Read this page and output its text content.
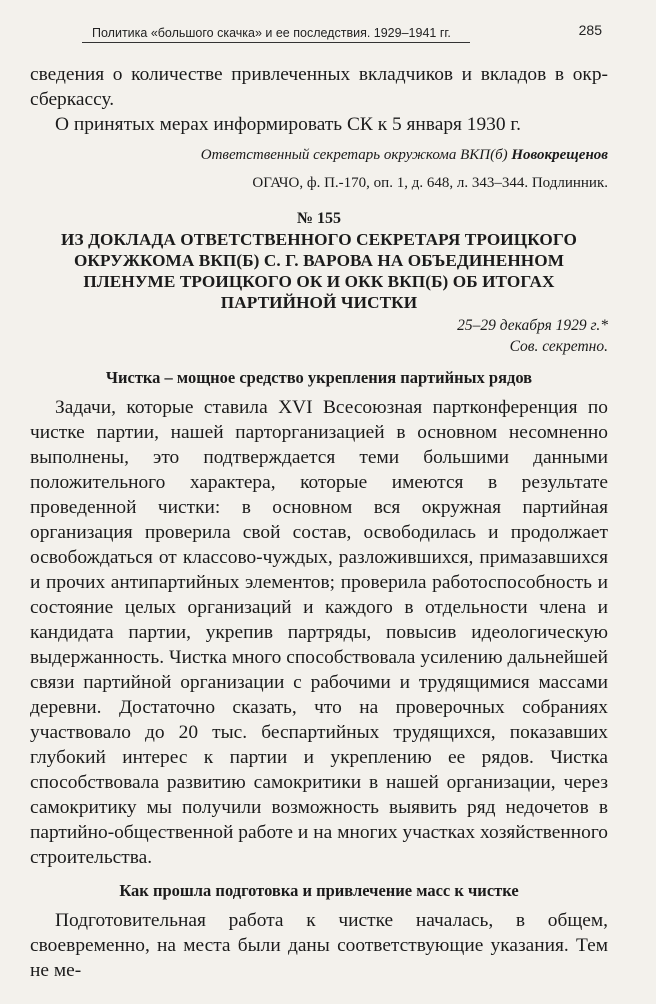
Политика «большого скачка» и ее последствия. 1929–1941 гг.	285

сведения о количестве привлеченных вкладчиков и вкладов в окр-сберкассу.

О принятых мерах информировать СК к 5 января 1930 г.

Ответственный секретарь окружкома ВКП(б) Новокрещенов
ОГАЧО, ф. П.-170, оп. 1, д. 648, л. 343–344. Подлинник.
№ 155
ИЗ ДОКЛАДА ОТВЕТСТВЕННОГО СЕКРЕТАРЯ ТРОИЦКОГО ОКРУЖКОМА ВКП(Б) С. Г. ВАРОВА НА ОБЪЕДИНЕННОМ ПЛЕНУМЕ ТРОИЦКОГО ОК И ОКК ВКП(Б) ОБ ИТОГАХ ПАРТИЙНОЙ ЧИСТКИ
25–29 декабря 1929 г.*
Сов. секретно.
Чистка – мощное средство укрепления партийных рядов

Задачи, которые ставила XVI Всесоюзная партконференция по чистке партии, нашей парторганизацией в основном несомненно выполнены, это подтверждается теми большими данными положительного характера, которые имеются в результате проведенной чистки: в основном вся окружная партийная организация проверила свой состав, освободилась и продолжает освобождаться от классово-чуждых, разложившихся, примазавшихся и прочих антипартийных элементов; проверила работоспособность и состояние целых организаций и каждого в отдельности члена и кандидата партии, укрепив партряды, повысив идеологическую выдержанность. Чистка много способствовала усилению дальнейшей связи партийной организации с рабочими и трудящимися массами деревни. Достаточно сказать, что на проверочных собраниях участвовало до 20 тыс. беспартийных трудящихся, показавших глубокий интерес к партии и укреплению ее рядов. Чистка способствовала развитию самокритики в нашей организации, через самокритику мы получили возможность выявить ряд недочетов в партийно-общественной работе и на многих участках хозяйственного строительства.

Как прошла подготовка и привлечение масс к чистке

Подготовительная работа к чистке началась, в общем, своевременно, на места были даны соответствующие указания. Тем не ме-
